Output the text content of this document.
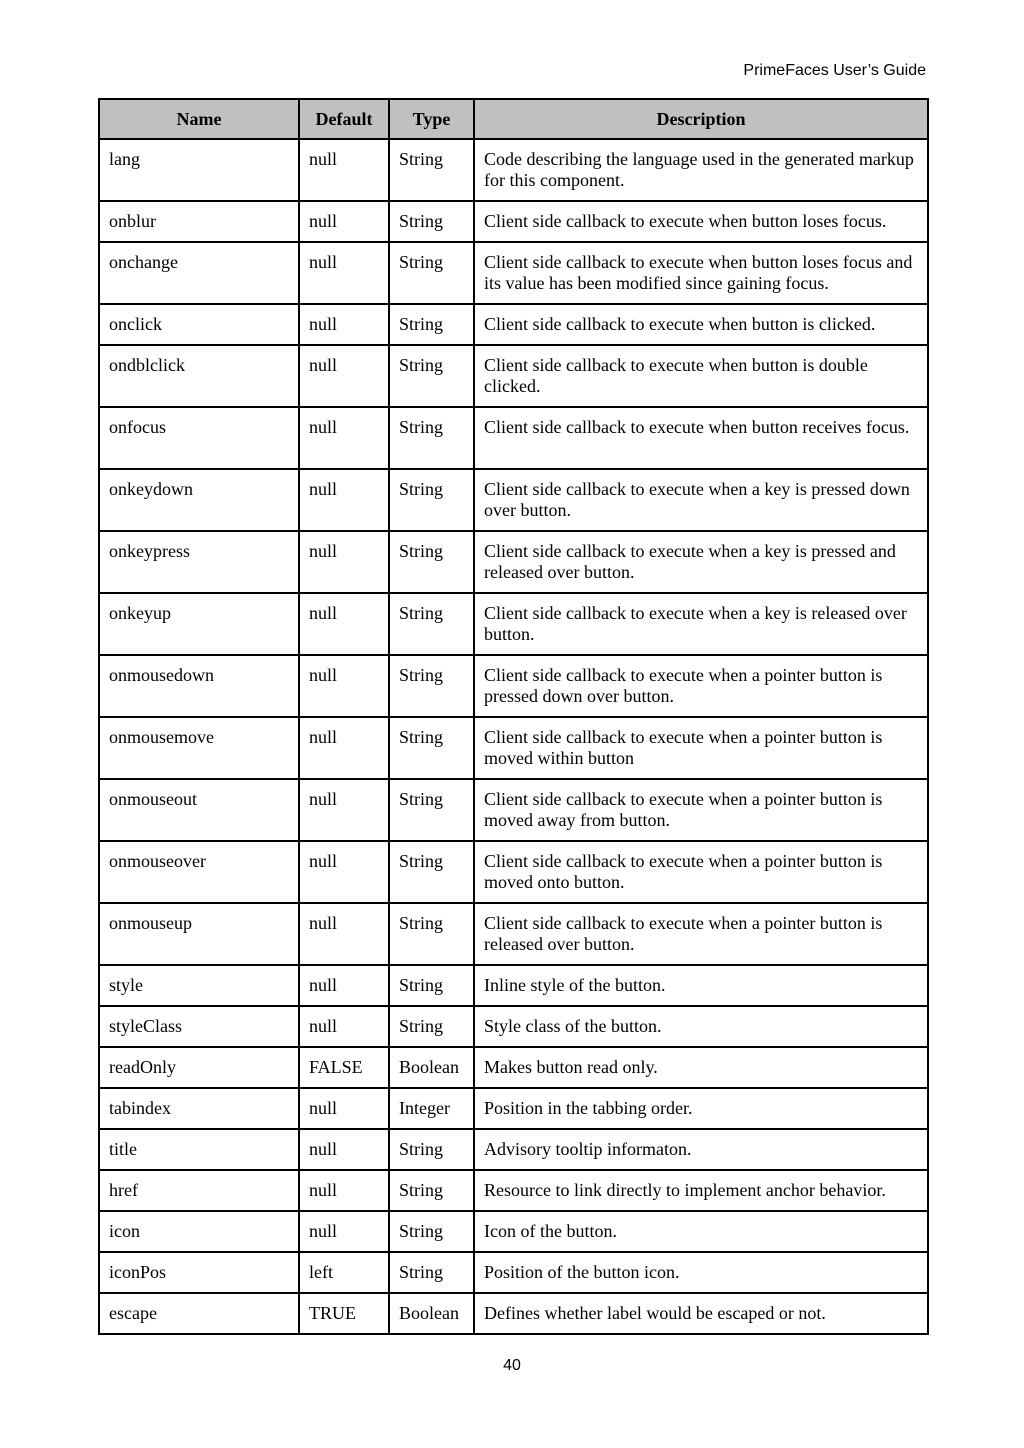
PrimeFaces User’s Guide
Name	Default	Type	Description
lang	null	String	Code describing the language used in the generated markup for this component.
onblur	null	String	Client side callback to execute when button loses focus.
onchange	null	String	Client side callback to execute when button loses focus and its value has been modified since gaining focus.
onclick	null	String	Client side callback to execute when button is clicked.
ondblclick	null	String	Client side callback to execute when button is double clicked.
onfocus	null	String	Client side callback to execute when button receives focus.
onkeydown	null	String	Client side callback to execute when a key is pressed down over button.
onkeypress	null	String	Client side callback to execute when a key is pressed and released over button.
onkeyup	null	String	Client side callback to execute when a key is released over button.
onmousedown	null	String	Client side callback to execute when a pointer button is pressed down over button.
onmousemove	null	String	Client side callback to execute when a pointer button is moved within button
onmouseout	null	String	Client side callback to execute when a pointer button is moved away from button.
onmouseover	null	String	Client side callback to execute when a pointer button is moved onto button.
onmouseup	null	String	Client side callback to execute when a pointer button is released over button.
style	null	String	Inline style of the button.
styleClass	null	String	Style class of the button.
readOnly	FALSE	Boolean	Makes button read only.
tabindex	null	Integer	Position in the tabbing order.
title	null	String	Advisory tooltip informaton.
href	null	String	Resource to link directly to implement anchor behavior.
icon	null	String	Icon of the button.
iconPos	left	String	Position of the button icon.
escape	TRUE	Boolean	Defines whether label would be escaped or not.
40
